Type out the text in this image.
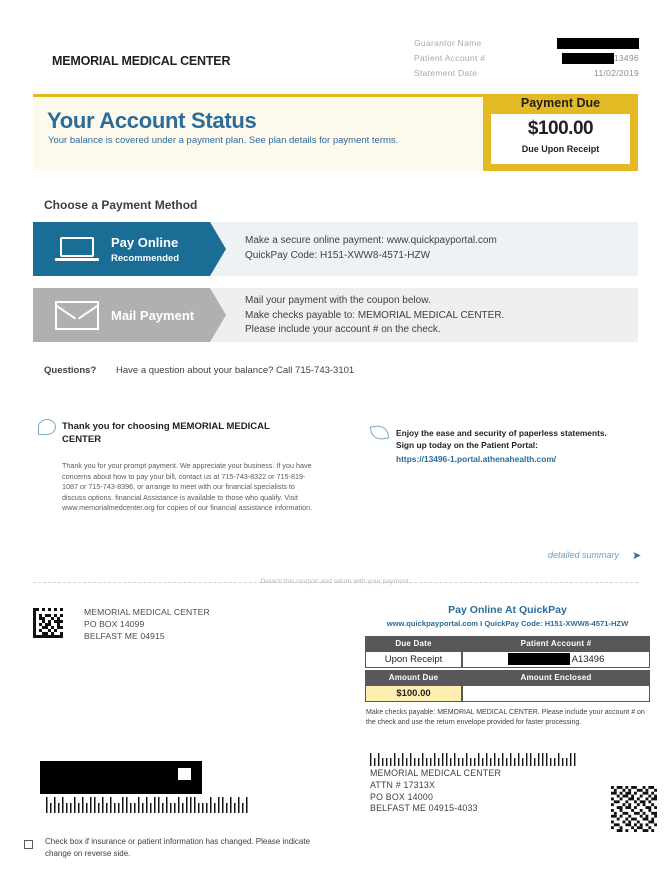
MEMORIAL MEDICAL CENTER
Guarantor Name
Patient Account #	13496
Statement Date	11/02/2019
Your Account Status
Your balance is covered under a payment plan. See plan details for payment terms.
Payment Due
$100.00
Due Upon Receipt
Choose a Payment Method
Pay Online
Recommended
Make a secure online payment: www.quickpayportal.com
QuickPay Code: H151-XWW8-4571-HZW
Mail Payment
Mail your payment with the coupon below.
Make checks payable to: MEMORIAL MEDICAL CENTER.
Please include your account # on the check.
Questions? Have a question about your balance? Call 715-743-3101
Thank you for choosing MEMORIAL MEDICAL CENTER
Thank you for your prompt payment. We appreciate your business. If you have concerns about how to pay your bill, contact us at 715-743-8322 or 715-819-1087 or 715-743-8396, or arrange to meet with our financial specialists to discuss options. financial Assistance is available to those who qualify. Visit www.memorialmedcenter.org for copies of our financial assistance information.
Enjoy the ease and security of paperless statements.
Sign up today on the Patient Portal:
https://13496-1.portal.athenahealth.com/
detailed summary ➤
Detach this coupon and return with your payment.
MEMORIAL MEDICAL CENTER
PO BOX 14099
BELFAST ME 04915
Pay Online At QuickPay
www.quickpayportal.com I QuickPay Code: H151-XWW8-4571-HZW
Due Date	Patient Account #
Upon Receipt	A13496
Amount Due	Amount Enclosed
$100.00
Make checks payable: MEMORIAL MEDICAL CENTER. Please include your account # on the check and use the return envelope provided for faster processing.
MEMORIAL MEDICAL CENTER
ATTN # 17313X
PO BOX 14000
BELFAST ME 04915-4033
Check box if insurance or patient information has changed. Please indicate change on reverse side.
